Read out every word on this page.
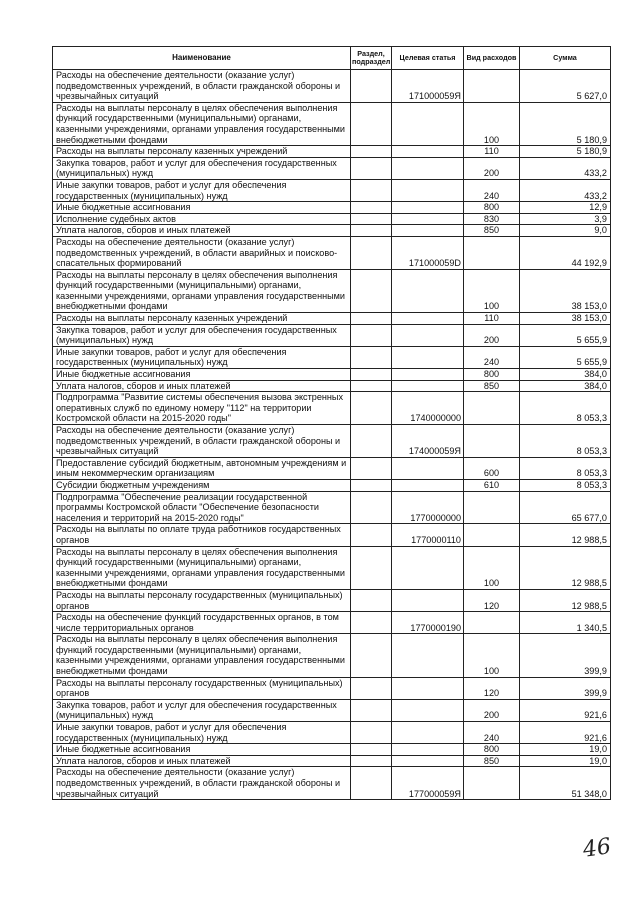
Наименование	Раздел, подраздел	Целевая статья	Вид расходов	Сумма
Расходы на обеспечение деятельности (оказание услуг) подведомственных учреждений, в области гражданской обороны и чрезвычайных ситуаций		171000059Я		5 627,0
Расходы на выплаты персоналу в целях обеспечения выполнения функций государственными (муниципальными) органами, казенными учреждениями, органами управления государственными внебюджетными фондами			100	5 180,9
Расходы на выплаты персоналу казенных учреждений			110	5 180,9
Закупка товаров, работ и услуг для обеспечения государственных (муниципальных) нужд			200	433,2
Иные закупки товаров, работ и услуг для обеспечения государственных (муниципальных) нужд			240	433,2
Иные бюджетные ассигнования			800	12,9
Исполнение судебных актов			830	3,9
Уплата налогов, сборов и иных платежей			850	9,0
Расходы на обеспечение деятельности (оказание услуг) подведомственных учреждений, в области аварийных и поисково-спасательных формирований		171000059D		44 192,9
Расходы на выплаты персоналу в целях обеспечения выполнения функций государственными (муниципальными) органами, казенными учреждениями, органами управления государственными внебюджетными фондами			100	38 153,0
Расходы на выплаты персоналу казенных учреждений			110	38 153,0
Закупка товаров, работ и услуг для обеспечения государственных (муниципальных) нужд			200	5 655,9
Иные закупки товаров, работ и услуг для обеспечения государственных (муниципальных) нужд			240	5 655,9
Иные бюджетные ассигнования			800	384,0
Уплата налогов, сборов и иных платежей			850	384,0
Подпрограмма "Развитие системы обеспечения вызова экстренных оперативных служб по единому номеру "112" на территории Костромской области на 2015-2020 годы"		1740000000		8 053,3
Расходы на обеспечение деятельности (оказание услуг) подведомственных учреждений, в области гражданской обороны и чрезвычайных ситуаций		174000059Я		8 053,3
Предоставление субсидий бюджетным, автономным учреждениям и иным некоммерческим организациям			600	8 053,3
Субсидии бюджетным учреждениям			610	8 053,3
Подпрограмма "Обеспечение реализации государственной программы Костромской области "Обеспечение безопасности населения и территорий на 2015-2020 годы"		1770000000		65 677,0
Расходы на выплаты по оплате труда работников государственных органов		1770000110		12 988,5
Расходы на выплаты персоналу в целях обеспечения выполнения функций государственными (муниципальными) органами, казенными учреждениями, органами управления государственными внебюджетными фондами			100	12 988,5
Расходы на выплаты персоналу государственных (муниципальных) органов			120	12 988,5
Расходы на обеспечение функций государственных органов, в том числе территориальных органов		1770000190		1 340,5
Расходы на выплаты персоналу в целях обеспечения выполнения функций государственными (муниципальными) органами, казенными учреждениями, органами управления государственными внебюджетными фондами			100	399,9
Расходы на выплаты персоналу государственных (муниципальных) органов			120	399,9
Закупка товаров, работ и услуг для обеспечения государственных (муниципальных) нужд			200	921,6
Иные закупки товаров, работ и услуг для обеспечения государственных (муниципальных) нужд			240	921,6
Иные бюджетные ассигнования			800	19,0
Уплата налогов, сборов и иных платежей			850	19,0
Расходы на обеспечение деятельности (оказание услуг) подведомственных учреждений, в области гражданской обороны и чрезвычайных ситуаций		177000059Я		51 348,0
46
